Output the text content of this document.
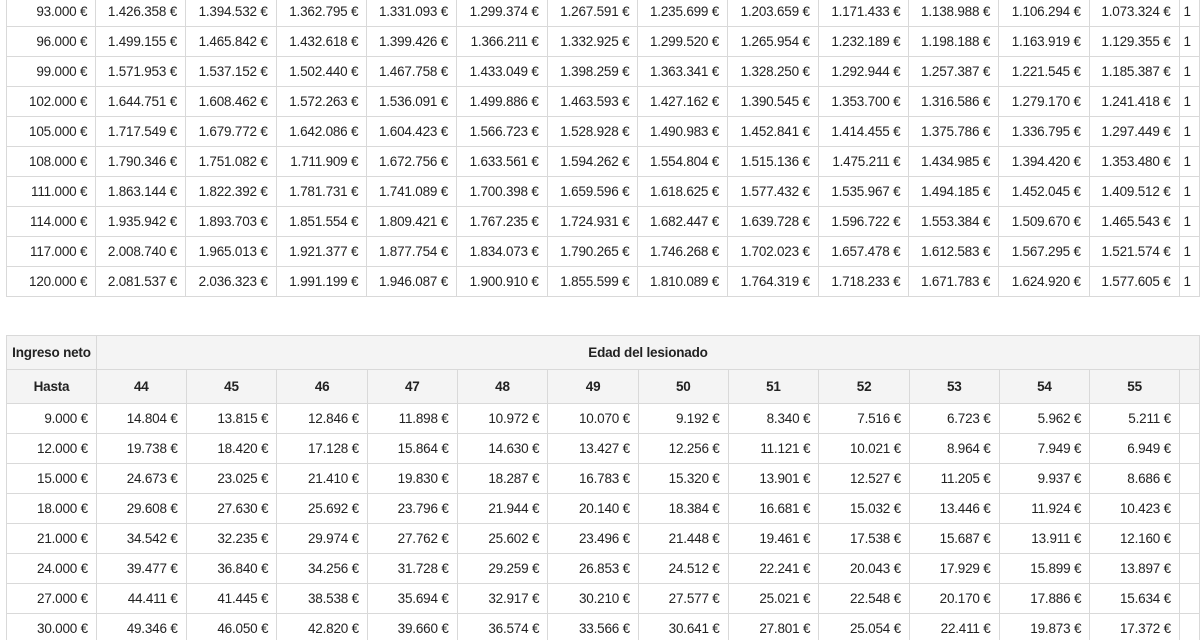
93.000 €	1.426.358 €	1.394.532 €	1.362.795 €	1.331.093 €	1.299.374 €	1.267.591 €	1.235.699 €	1.203.659 €	1.171.433 €	1.138.988 €	1.106.294 €	1.073.324 €	1
96.000 €	1.499.155 €	1.465.842 €	1.432.618 €	1.399.426 €	1.366.211 €	1.332.925 €	1.299.520 €	1.265.954 €	1.232.189 €	1.198.188 €	1.163.919 €	1.129.355 €	1
99.000 €	1.571.953 €	1.537.152 €	1.502.440 €	1.467.758 €	1.433.049 €	1.398.259 €	1.363.341 €	1.328.250 €	1.292.944 €	1.257.387 €	1.221.545 €	1.185.387 €	1
102.000 €	1.644.751 €	1.608.462 €	1.572.263 €	1.536.091 €	1.499.886 €	1.463.593 €	1.427.162 €	1.390.545 €	1.353.700 €	1.316.586 €	1.279.170 €	1.241.418 €	1
105.000 €	1.717.549 €	1.679.772 €	1.642.086 €	1.604.423 €	1.566.723 €	1.528.928 €	1.490.983 €	1.452.841 €	1.414.455 €	1.375.786 €	1.336.795 €	1.297.449 €	1
108.000 €	1.790.346 €	1.751.082 €	1.711.909 €	1.672.756 €	1.633.561 €	1.594.262 €	1.554.804 €	1.515.136 €	1.475.211 €	1.434.985 €	1.394.420 €	1.353.480 €	1
111.000 €	1.863.144 €	1.822.392 €	1.781.731 €	1.741.089 €	1.700.398 €	1.659.596 €	1.618.625 €	1.577.432 €	1.535.967 €	1.494.185 €	1.452.045 €	1.409.512 €	1
114.000 €	1.935.942 €	1.893.703 €	1.851.554 €	1.809.421 €	1.767.235 €	1.724.931 €	1.682.447 €	1.639.728 €	1.596.722 €	1.553.384 €	1.509.670 €	1.465.543 €	1
117.000 €	2.008.740 €	1.965.013 €	1.921.377 €	1.877.754 €	1.834.073 €	1.790.265 €	1.746.268 €	1.702.023 €	1.657.478 €	1.612.583 €	1.567.295 €	1.521.574 €	1
120.000 €	2.081.537 €	2.036.323 €	1.991.199 €	1.946.087 €	1.900.910 €	1.855.599 €	1.810.089 €	1.764.319 €	1.718.233 €	1.671.783 €	1.624.920 €	1.577.605 €	1
Ingreso neto	Edad del lesionado												
Hasta	44	45	46	47	48	49	50	51	52	53	54	55	
9.000 €	14.804 €	13.815 €	12.846 €	11.898 €	10.972 €	10.070 €	9.192 €	8.340 €	7.516 €	6.723 €	5.962 €	5.211 €	
12.000 €	19.738 €	18.420 €	17.128 €	15.864 €	14.630 €	13.427 €	12.256 €	11.121 €	10.021 €	8.964 €	7.949 €	6.949 €	
15.000 €	24.673 €	23.025 €	21.410 €	19.830 €	18.287 €	16.783 €	15.320 €	13.901 €	12.527 €	11.205 €	9.937 €	8.686 €	
18.000 €	29.608 €	27.630 €	25.692 €	23.796 €	21.944 €	20.140 €	18.384 €	16.681 €	15.032 €	13.446 €	11.924 €	10.423 €	
21.000 €	34.542 €	32.235 €	29.974 €	27.762 €	25.602 €	23.496 €	21.448 €	19.461 €	17.538 €	15.687 €	13.911 €	12.160 €	
24.000 €	39.477 €	36.840 €	34.256 €	31.728 €	29.259 €	26.853 €	24.512 €	22.241 €	20.043 €	17.929 €	15.899 €	13.897 €	
27.000 €	44.411 €	41.445 €	38.538 €	35.694 €	32.917 €	30.210 €	27.577 €	25.021 €	22.548 €	20.170 €	17.886 €	15.634 €	
30.000 €	49.346 €	46.050 €	42.820 €	39.660 €	36.574 €	33.566 €	30.641 €	27.801 €	25.054 €	22.411 €	19.873 €	17.372 €	
